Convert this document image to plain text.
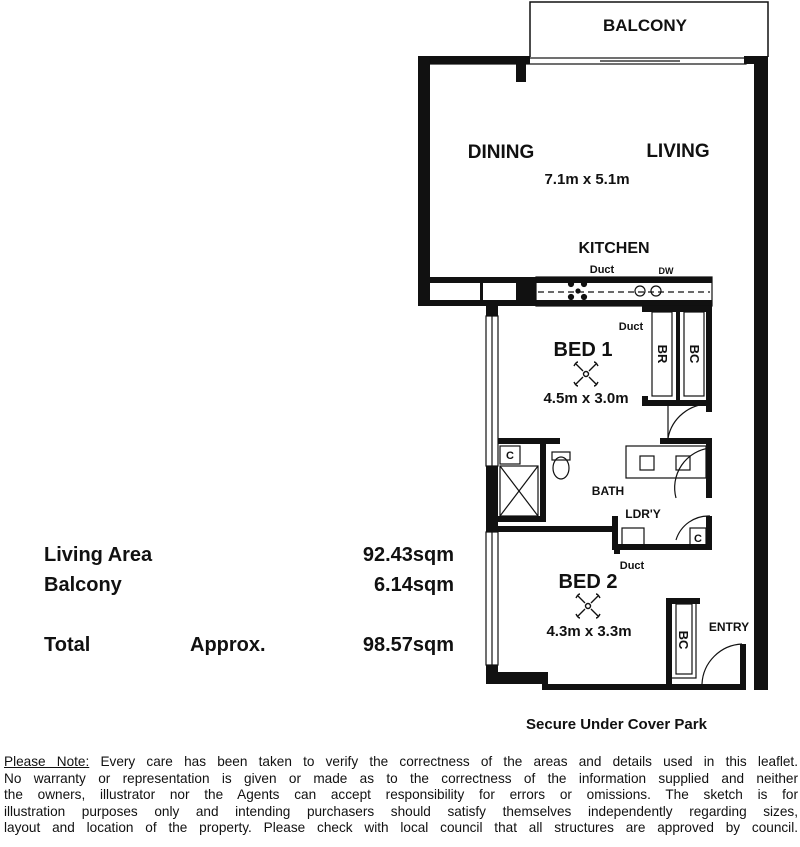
BALCONY
DINING	LIVING
7.1m x 5.1m
KITCHEN
Duct	DW
Duct
BED 1
4.5m x 3.0m
BR BC
C
BATH
LDR'Y
C
Duct
BED 2
4.3m x 3.3m	BC
ENTRY
Secure Under Cover Park
Living Area	92.43sqm
Balcony	6.14sqm
Total	Approx.	98.57sqm
Please Note: Every care has been taken to verify the correctness of the areas and details used in this leaflet.
No warranty or representation is given or made as to the correctness of the information supplied and neither
the owners, illustrator nor the Agents can accept responsibility for errors or omissions. The sketch is for
illustration purposes only and intending purchasers should satisfy themselves independently regarding sizes,
layout and location of the property. Please check with local council that all structures are approved by council.
